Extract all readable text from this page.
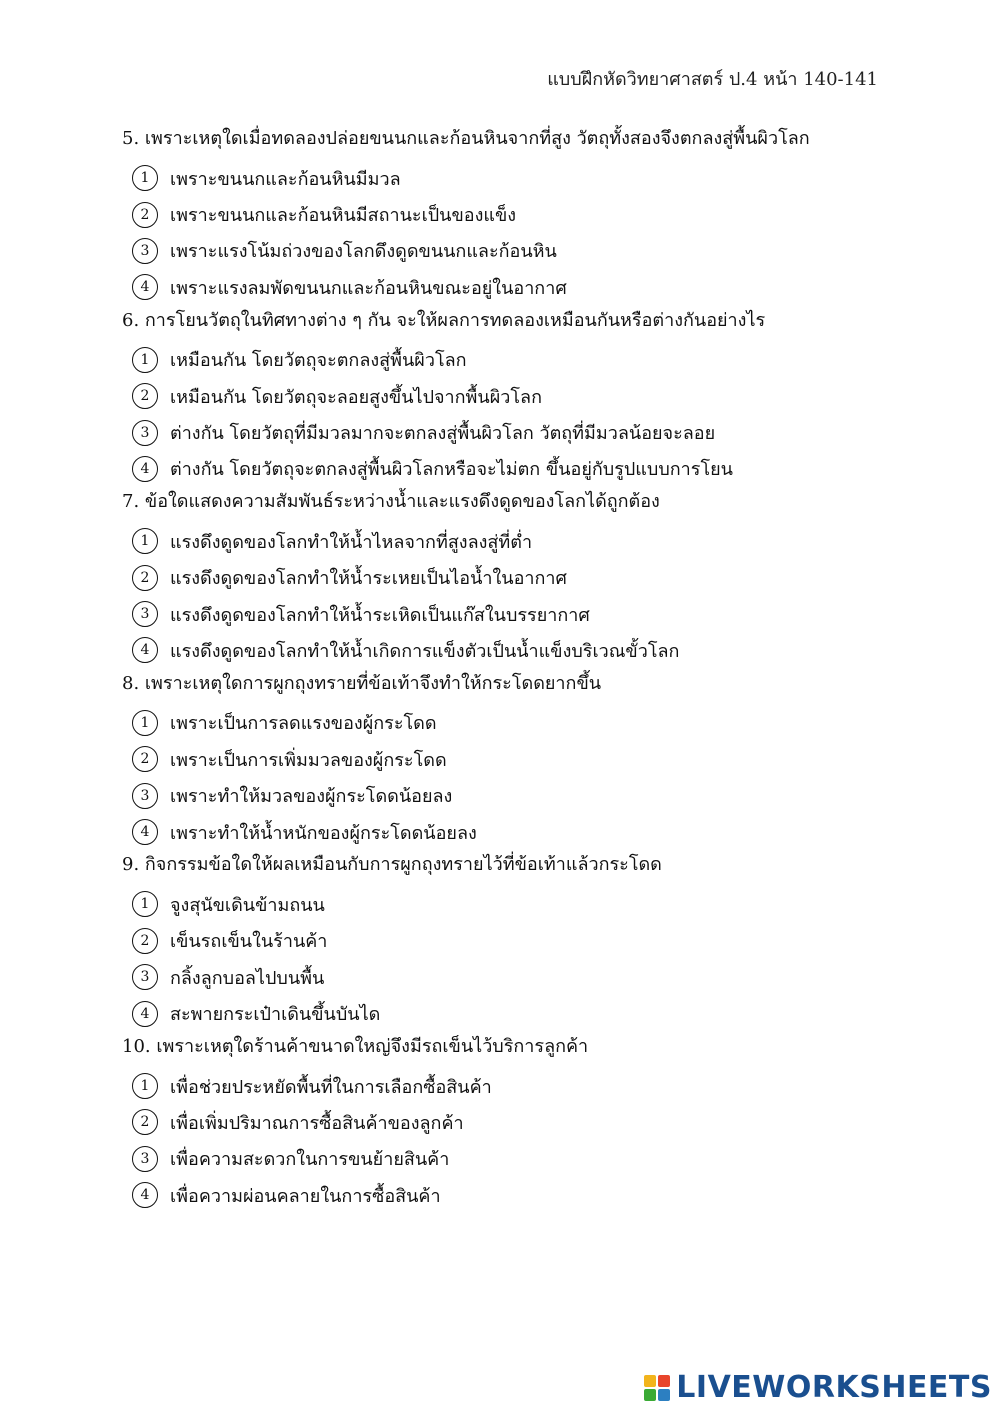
แบบฝึกหัดวิทยาศาสตร์ ป.4 หน้า 140-141
5. เพราะเหตุใดเมื่อทดลองปล่อยขนนกและก้อนหินจากที่สูง วัตถุทั้งสองจึงตกลงสู่พื้นผิวโลก
1	เพราะขนนกและก้อนหินมีมวล
2	เพราะขนนกและก้อนหินมีสถานะเป็นของแข็ง
3	เพราะแรงโน้มถ่วงของโลกดึงดูดขนนกและก้อนหิน
4	เพราะแรงลมพัดขนนกและก้อนหินขณะอยู่ในอากาศ
6. การโยนวัตถุในทิศทางต่าง ๆ กัน จะให้ผลการทดลองเหมือนกันหรือต่างกันอย่างไร
1	เหมือนกัน โดยวัตถุจะตกลงสู่พื้นผิวโลก
2	เหมือนกัน โดยวัตถุจะลอยสูงขึ้นไปจากพื้นผิวโลก
3	ต่างกัน โดยวัตถุที่มีมวลมากจะตกลงสู่พื้นผิวโลก วัตถุที่มีมวลน้อยจะลอย
4	ต่างกัน โดยวัตถุจะตกลงสู่พื้นผิวโลกหรือจะไม่ตก ขึ้นอยู่กับรูปแบบการโยน
7. ข้อใดแสดงความสัมพันธ์ระหว่างน้ำและแรงดึงดูดของโลกได้ถูกต้อง
1	แรงดึงดูดของโลกทำให้น้ำไหลจากที่สูงลงสู่ที่ต่ำ
2	แรงดึงดูดของโลกทำให้น้ำระเหยเป็นไอน้ำในอากาศ
3	แรงดึงดูดของโลกทำให้น้ำระเหิดเป็นแก๊สในบรรยากาศ
4	แรงดึงดูดของโลกทำให้น้ำเกิดการแข็งตัวเป็นน้ำแข็งบริเวณขั้วโลก
8. เพราะเหตุใดการผูกถุงทรายที่ข้อเท้าจึงทำให้กระโดดยากขึ้น
1	เพราะเป็นการลดแรงของผู้กระโดด
2	เพราะเป็นการเพิ่มมวลของผู้กระโดด
3	เพราะทำให้มวลของผู้กระโดดน้อยลง
4	เพราะทำให้น้ำหนักของผู้กระโดดน้อยลง
9. กิจกรรมข้อใดให้ผลเหมือนกับการผูกถุงทรายไว้ที่ข้อเท้าแล้วกระโดด
1	จูงสุนัขเดินข้ามถนน
2	เข็นรถเข็นในร้านค้า
3	กลิ้งลูกบอลไปบนพื้น
4	สะพายกระเป๋าเดินขึ้นบันได
10. เพราะเหตุใดร้านค้าขนาดใหญ่จึงมีรถเข็นไว้บริการลูกค้า
1	เพื่อช่วยประหยัดพื้นที่ในการเลือกซื้อสินค้า
2	เพื่อเพิ่มปริมาณการซื้อสินค้าของลูกค้า
3	เพื่อความสะดวกในการขนย้ายสินค้า
4	เพื่อความผ่อนคลายในการซื้อสินค้า
LIVEWORKSHEETS
